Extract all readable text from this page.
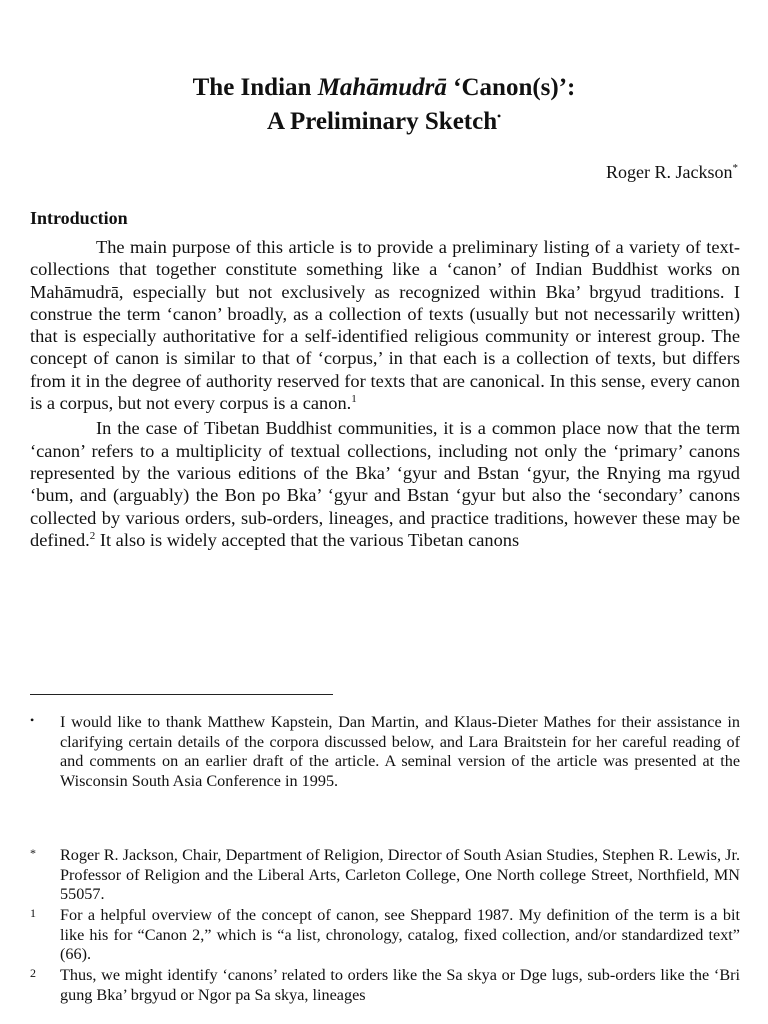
The Indian Mahāmudrā ‘Canon(s)’:
A Preliminary Sketch•
Roger R. Jackson*
Introduction

The main purpose of this article is to provide a preliminary listing of a variety of text-collections that together constitute something like a ‘canon’ of Indian Buddhist works on Mahāmudrā, especially but not exclusively as recognized within Bka’ brgyud traditions. I construe the term ‘canon’ broadly, as a collection of texts (usually but not necessarily written) that is especially authoritative for a self-identified religious community or interest group. The concept of canon is similar to that of ‘corpus,’ in that each is a collection of texts, but differs from it in the degree of authority reserved for texts that are canonical. In this sense, every canon is a corpus, but not every corpus is a canon.$^1$

In the case of Tibetan Buddhist communities, it is a common place now that the term ‘canon’ refers to a multiplicity of textual collections, including not only the ‘primary’ canons represented by the various editions of the Bka’ ‘gyur and Bstan ‘gyur, the Rnying ma rgyud ‘bum, and (arguably) the Bon po Bka’ ‘gyur and Bstan ‘gyur but also the ‘secondary’ canons collected by various orders, sub-orders, lineages, and practice traditions, however these may be defined.$^2$ It also is widely accepted that the various Tibetan canons

• I would like to thank Matthew Kapstein, Dan Martin, and Klaus-Dieter Mathes for their assistance in clarifying certain details of the corpora discussed below, and Lara Braitstein for her careful reading of and comments on an earlier draft of the article. A seminal version of the article was presented at the Wisconsin South Asia Conference in 1995.
* Roger R. Jackson, Chair, Department of Religion, Director of South Asian Studies, Stephen R. Lewis, Jr. Professor of Religion and the Liberal Arts, Carleton College, One North college Street, Northfield, MN 55057.
1 For a helpful overview of the concept of canon, see Sheppard 1987. My definition of the term is a bit like his for “Canon 2,” which is “a list, chronology, catalog, fixed collection, and/or standardized text” (66).
2 Thus, we might identify ‘canons’ related to orders like the Sa skya or Dge lugs, sub-orders like the ‘Bri gung Bka’ brgyud or Ngor pa Sa skya, lineages
